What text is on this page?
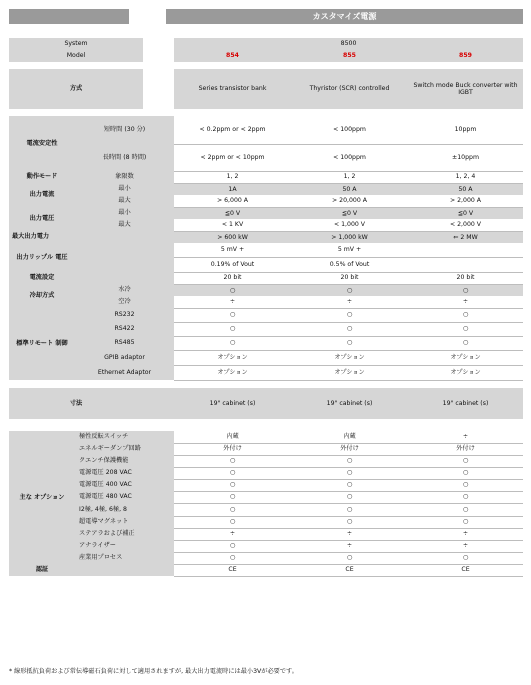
カスタマイズ電源
System			8500		
Model			854	855	859

方式			Series transistor bank	Thyristor (SCR) controlled	Switch mode Buck converter with IGBT

電流安定性	短時間 (30 分)		< 0.2ppm or < 2ppm	< 100ppm	10ppm
	長時間 (8 時間)		< 2ppm or < 10ppm	< 100ppm	±10ppm
動作モード	象限数		1, 2	1, 2	1, 2, 4
出力電流	最小		1A	50 A	50 A
	最大		> 6,000 A	> 20,000 A	> 2,000 A
出力電圧	最小		≦0 V	≦0 V	≦0 V
	最大		< 1 KV	< 1,000 V	< 2,000 V
最大出力電力			> 600 kW	> 1,000 kW	⇐ 2 MW
出力リップル 電圧			5 mV +	5 mV +	
			0.19% of Vout	0.5% of Vout	
電流設定			20 bit	20 bit	20 bit
冷却方式	水冷		○	○	○
	空冷		÷	÷	÷
標準リモート 制御	RS232		○	○	○
	RS422		○	○	○
	RS485		○	○	○
	GPIB adaptor		オプション	オプション	オプション
	Ethernet Adaptor		オプション	オプション	オプション

寸法			19" cabinet (s)	19" cabinet (s)	19" cabinet (s)

主な オプション	極性反転スイッチ		内蔵	内蔵	÷
	エネルギーダンプ回路		外付け	外付け	外付け
	クエンチ保護機能		○	○	○
	電源電圧 208 VAC		○	○	○
	電源電圧 400 VAC		○	○	○
	電源電圧 480 VAC		○	○	○
	I2極, 4極, 6極, 8		○	○	○
	超電導マグネット		○	○	○
	ステアラおよび補正		÷	÷	÷
	アナライザー		○	÷	÷
	産業用プロセス		○	○	○
認証			CE	CE	CE
* 線形抵抗負荷および常伝導磁石負荷に対して適用されますが, 最大出力電流時には最小3Vが必要です。
